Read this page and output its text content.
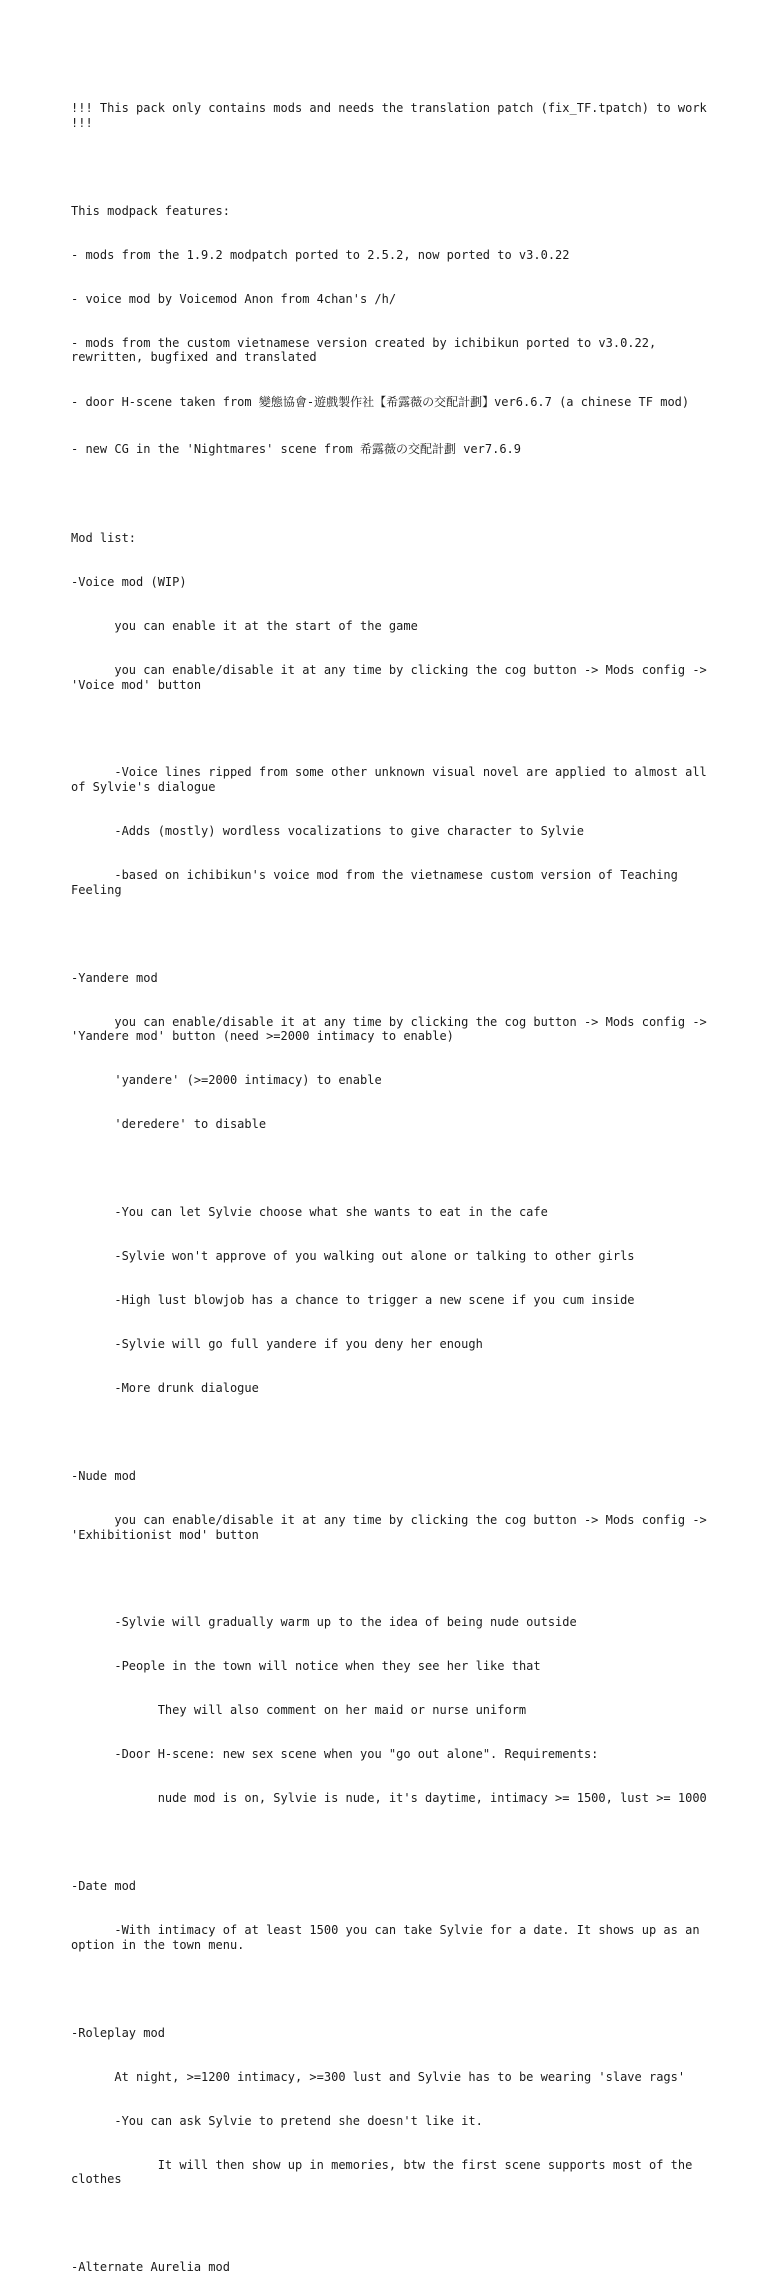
!!! This pack only contains mods and needs the translation patch (fix_TF.tpatch) to work !!!

This modpack features:

- mods from the 1.9.2 modpatch ported to 2.5.2, now ported to v3.0.22

- voice mod by Voicemod Anon from 4chan's /h/

- mods from the custom vietnamese version created by ichibikun ported to v3.0.22, rewritten, bugfixed and translated

- door H-scene taken from 變態協會-遊戲製作社【希露薇の交配計劃】ver6.6.7 (a chinese TF mod)

- new CG in the 'Nightmares' scene from 希露薇の交配計劃 ver7.6.9

Mod list:

-Voice mod (WIP)

you can enable it at the start of the game

you can enable/disable it at any time by clicking the cog button -> Mods config -> 'Voice mod' button

-Voice lines ripped from some other unknown visual novel are applied to almost all of Sylvie's dialogue

-Adds (mostly) wordless vocalizations to give character to Sylvie

-based on ichibikun's voice mod from the vietnamese custom version of Teaching Feeling

-Yandere mod

you can enable/disable it at any time by clicking the cog button -> Mods config -> 'Yandere mod' button (need >=2000 intimacy to enable)

'yandere' (>=2000 intimacy) to enable

'deredere' to disable

-You can let Sylvie choose what she wants to eat in the cafe

-Sylvie won't approve of you walking out alone or talking to other girls

-High lust blowjob has a chance to trigger a new scene if you cum inside

-Sylvie will go full yandere if you deny her enough

-More drunk dialogue

-Nude mod

you can enable/disable it at any time by clicking the cog button -> Mods config -> 'Exhibitionist mod' button

-Sylvie will gradually warm up to the idea of being nude outside

-People in the town will notice when they see her like that

They will also comment on her maid or nurse uniform

-Door H-scene: new sex scene when you "go out alone". Requirements:

nude mod is on, Sylvie is nude, it's daytime, intimacy >= 1500, lust >= 1000

-Date mod

-With intimacy of at least 1500 you can take Sylvie for a date. It shows up as an option in the town menu.

-Roleplay mod

At night, >=1200 intimacy, >=300 lust and Sylvie has to be wearing 'slave rags'

-You can ask Sylvie to pretend she doesn't like it.

It will then show up in memories, btw the first scene supports most of the clothes

-Alternate Aurelia mod
